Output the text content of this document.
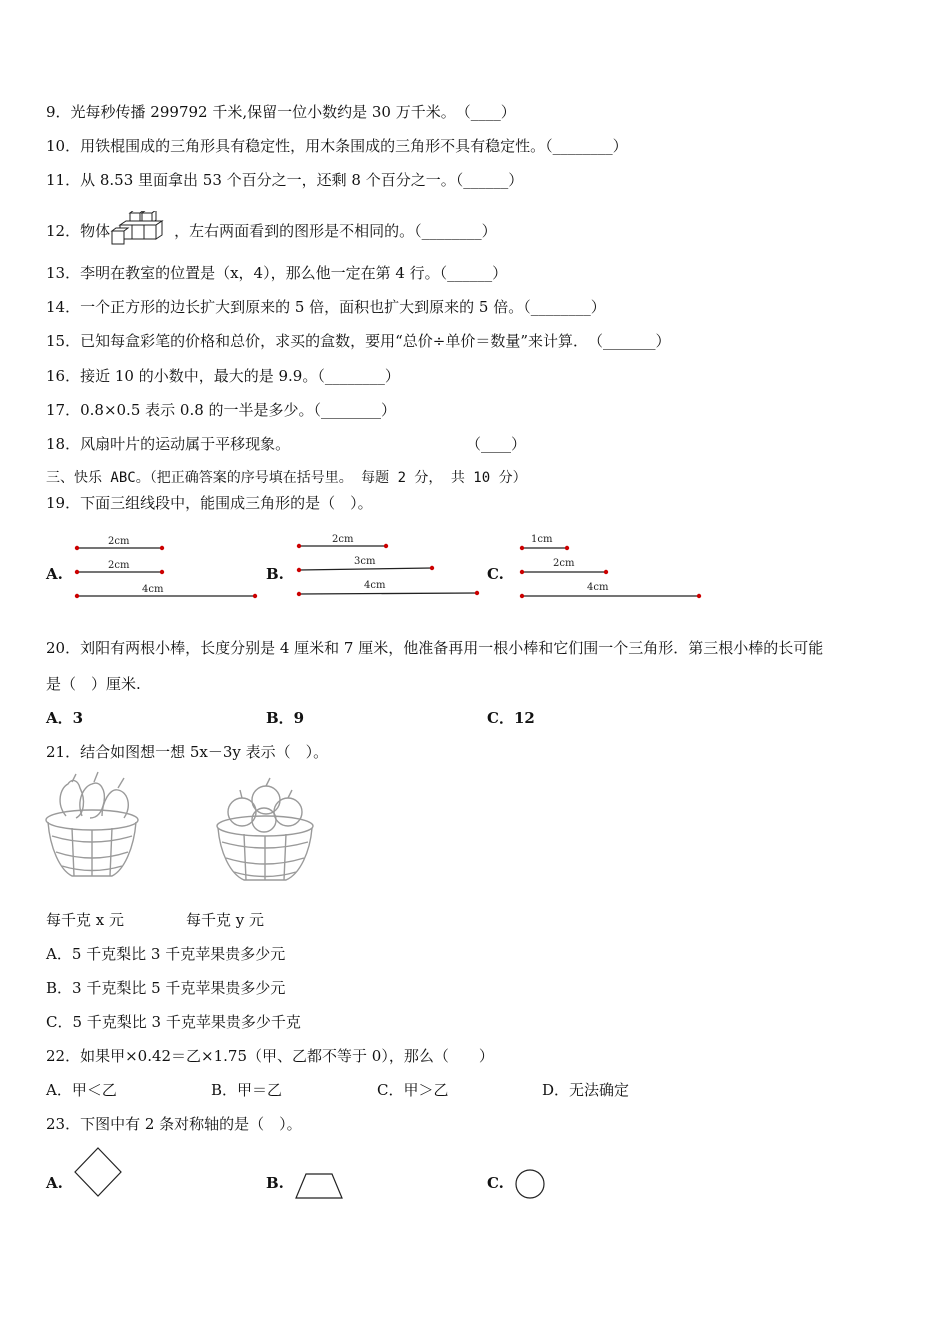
9．光每秒传播 299792 千米,保留一位小数约是 30 万千米。　（____）
10．用铁棍围成的三角形具有稳定性，用木条围成的三角形不具有稳定性。（________）
11．从 8.53 里面拿出 53 个百分之一，还剩 8 个百分之一。（______）
12．物体	，左右两面看到的图形是不相同的。（________）
13．李明在教室的位置是（x，4），那么他一定在第 4 行。（______）
14．一个正方形的边长扩大到原来的 5 倍，面积也扩大到原来的 5 倍。（________）
15．已知每盒彩笔的价格和总价，求买的盒数，要用“总价÷单价＝数量”来计算．　（_______）
16．接近 10 的小数中，最大的是 9.9。（________）
17．0.8×0.5 表示 0.8 的一半是多少。（________）
18．风扇叶片的运动属于平移现象。	（____）
三、快乐 ABC。（把正确答案的序号填在括号里。 每题 2 分， 共 10 分）
19．下面三组线段中，能围成三角形的是（　）。
A.
2cm
2cm
4cm
B.
2cm
3cm
4cm
C.
1cm
2cm
4cm
20．刘阳有两根小棒，长度分别是 4 厘米和 7 厘米，他准备再用一根小棒和它们围一个三角形．第三根小棒的长可能
是（　）厘米.
A．3	B．9	C．12
21．结合如图想一想 5x－3y 表示（　）。
每千克 x 元	每千克 y 元
A．5 千克梨比 3 千克苹果贵多少元
B．3 千克梨比 5 千克苹果贵多少元
C．5 千克梨比 3 千克苹果贵多少千克
22．如果甲×0.42＝乙×1.75（甲、乙都不等于 0），那么（　　）
A．甲＜乙	B．甲＝乙	C．甲＞乙	D．无法确定
23．下图中有 2 条对称轴的是（　）。
A.	B.	C.
